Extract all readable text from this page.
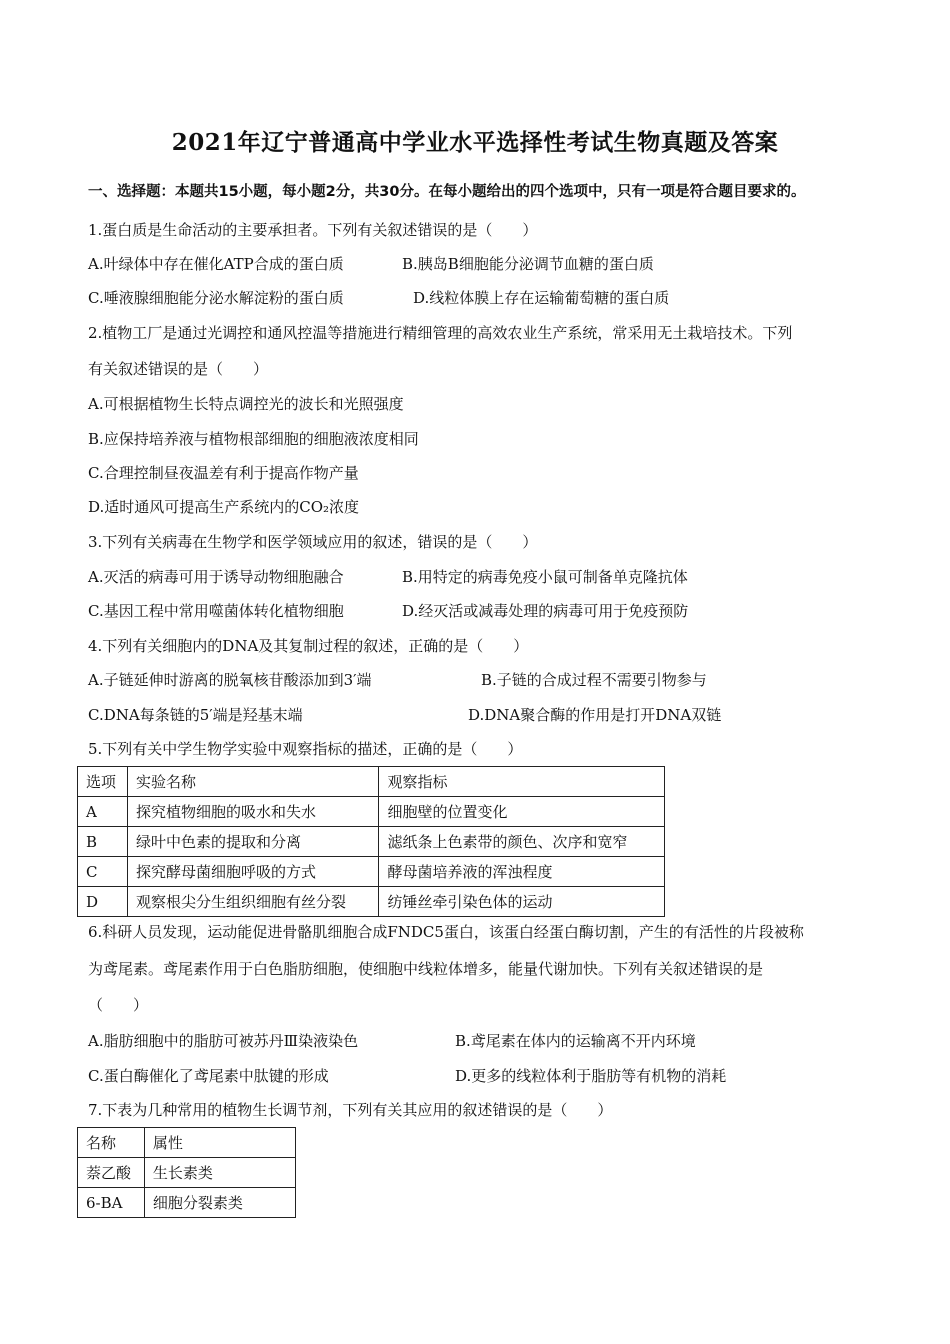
2021年辽宁普通高中学业水平选择性考试生物真题及答案
一、选择题：本题共15小题，每小题2分，共30分。在每小题给出的四个选项中，只有一项是符合题目要求的。
1.蛋白质是生命活动的主要承担者。下列有关叙述错误的是（　　）
A.叶绿体中存在催化ATP合成的蛋白质	B.胰岛B细胞能分泌调节血糖的蛋白质
C.唾液腺细胞能分泌水解淀粉的蛋白质	D.线粒体膜上存在运输葡萄糖的蛋白质
2.植物工厂是通过光调控和通风控温等措施进行精细管理的高效农业生产系统，常采用无土栽培技术。下列
有关叙述错误的是（　　）
A.可根据植物生长特点调控光的波长和光照强度
B.应保持培养液与植物根部细胞的细胞液浓度相同
C.合理控制昼夜温差有利于提高作物产量
D.适时通风可提高生产系统内的CO₂浓度
3.下列有关病毒在生物学和医学领域应用的叙述，错误的是（　　）
A.灭活的病毒可用于诱导动物细胞融合	B.用特定的病毒免疫小鼠可制备单克隆抗体
C.基因工程中常用噬菌体转化植物细胞	D.经灭活或减毒处理的病毒可用于免疫预防
4.下列有关细胞内的DNA及其复制过程的叙述，正确的是（　　）
A.子链延伸时游离的脱氧核苷酸添加到3′端	B.子链的合成过程不需要引物参与
C.DNA每条链的5′端是羟基末端	D.DNA聚合酶的作用是打开DNA双链
5.下列有关中学生物学实验中观察指标的描述，正确的是（　　）
选项	实验名称	观察指标
A	探究植物细胞的吸水和失水	细胞壁的位置变化
B	绿叶中色素的提取和分离	滤纸条上色素带的颜色、次序和宽窄
C	探究酵母菌细胞呼吸的方式	酵母菌培养液的浑浊程度
D	观察根尖分生组织细胞有丝分裂	纺锤丝牵引染色体的运动
6.科研人员发现，运动能促进骨骼肌细胞合成FNDC5蛋白，该蛋白经蛋白酶切割，产生的有活性的片段被称
为鸢尾素。鸢尾素作用于白色脂肪细胞，使细胞中线粒体增多，能量代谢加快。下列有关叙述错误的是
（　　）
A.脂肪细胞中的脂肪可被苏丹Ⅲ染液染色	B.鸢尾素在体内的运输离不开内环境
C.蛋白酶催化了鸢尾素中肽键的形成	D.更多的线粒体利于脂肪等有机物的消耗
7.下表为几种常用的植物生长调节剂，下列有关其应用的叙述错误的是（　　）
名称	属性
萘乙酸	生长素类
6-BA	细胞分裂素类
